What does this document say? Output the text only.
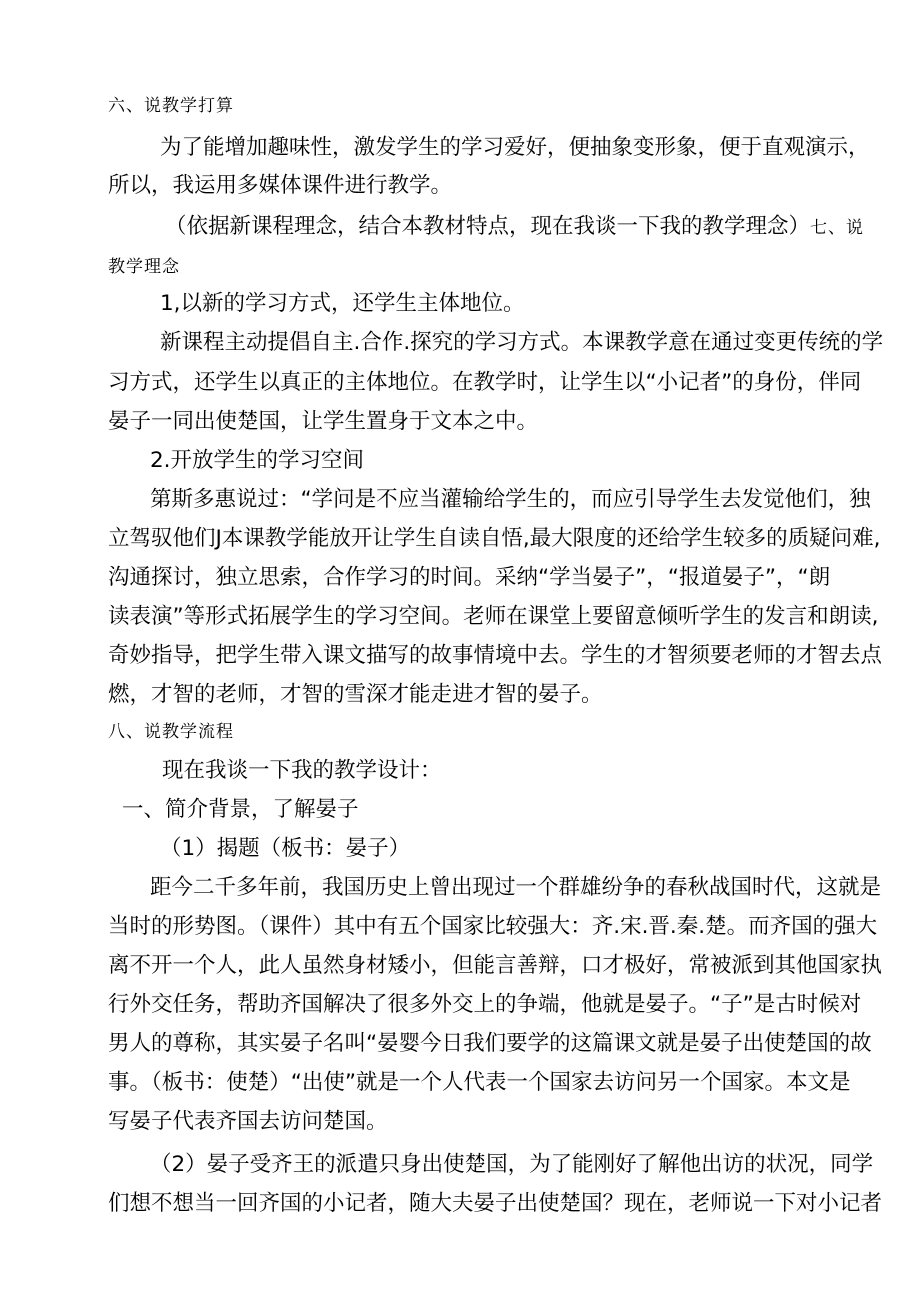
六、说教学打算
为了能增加趣味性，激发学生的学习爱好，便抽象变形象，便于直观演示，
所以，我运用多媒体课件进行教学。
（依据新课程理念，结合本教材特点，现在我谈一下我的教学理念）七、说
教学理念
1,以新的学习方式，还学生主体地位。
新课程主动提倡自主.合作.探究的学习方式。本课教学意在通过变更传统的学
习方式，还学生以真正的主体地位。在教学时，让学生以“小记者”的身份，伴同
晏子一同出使楚国，让学生置身于文本之中。
2.开放学生的学习空间
第斯多惠说过：“学问是不应当灌输给学生的，而应引导学生去发觉他们，独
立驾驭他们J本课教学能放开让学生自读自悟,最大限度的还给学生较多的质疑问难,
沟通探讨，独立思索，合作学习的时间。采纳“学当晏子”，“报道晏子”，“朗
读表演”等形式拓展学生的学习空间。老师在课堂上要留意倾听学生的发言和朗读,
奇妙指导，把学生带入课文描写的故事情境中去。学生的才智须要老师的才智去点
燃，才智的老师，才智的雪深才能走进才智的晏子。
八、说教学流程
现在我谈一下我的教学设计：
一、简介背景，了解晏子
（1）揭题（板书：晏子）
距今二千多年前，我国历史上曾出现过一个群雄纷争的春秋战国时代，这就是
当时的形势图。（课件）其中有五个国家比较强大：齐.宋.晋.秦.楚。而齐国的强大
离不开一个人，此人虽然身材矮小，但能言善辩，口才极好，常被派到其他国家执
行外交任务，帮助齐国解决了很多外交上的争端，他就是晏子。“子”是古时候对
男人的尊称，其实晏子名叫“晏婴今日我们要学的这篇课文就是晏子出使楚国的故
事。（板书：使楚）“出使”就是一个人代表一个国家去访问另一个国家。本文是
写晏子代表齐国去访问楚国。
（2）晏子受齐王的派遣只身出使楚国，为了能刚好了解他出访的状况，同学
们想不想当一回齐国的小记者，随大夫晏子出使楚国？现在，老师说一下对小记者
